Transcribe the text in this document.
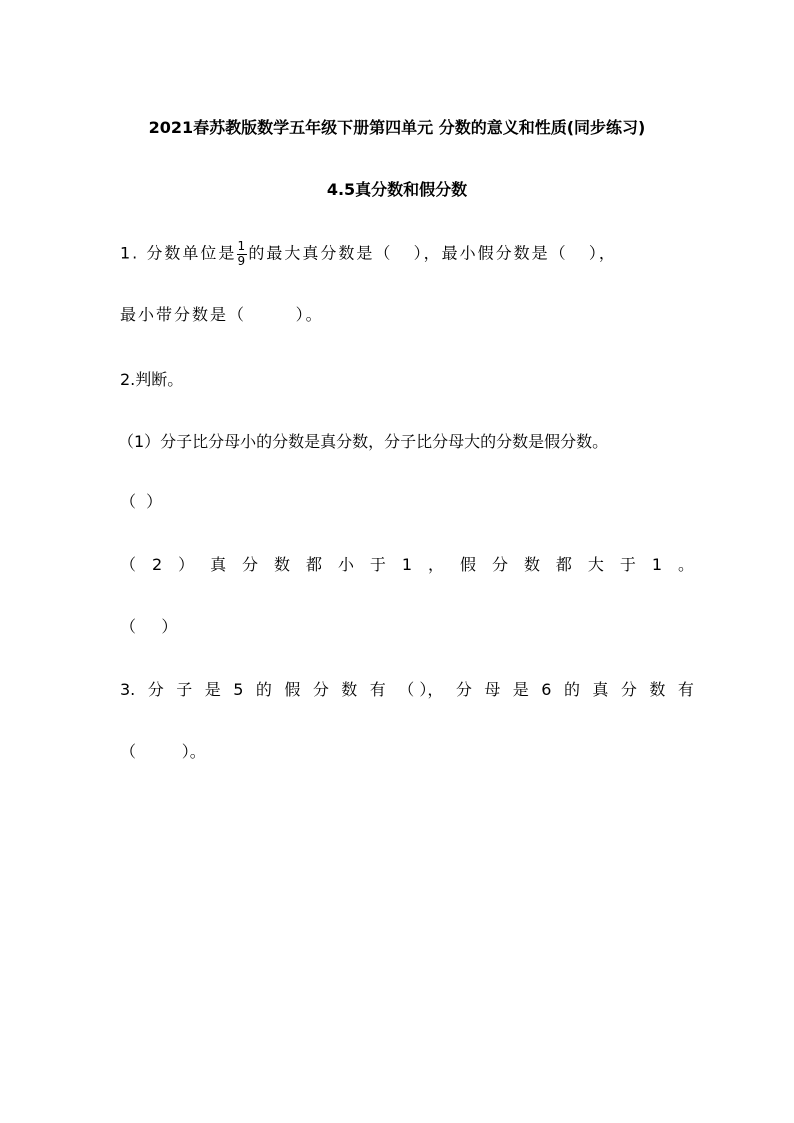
2021春苏教版数学五年级下册第四单元 分数的意义和性质(同步练习)
4.5真分数和假分数
1. 分数单位是 $\frac{1}{9}$ 的最大真分数是（   ），最小假分数是（   ），
最小带分数是（       ）。
2.判断。
（1）分子比分母小的分数是真分数，分子比分母大的分数是假分数。
（  ）
（ 2 ） 真 分 数 都 小 于 1 ， 假 分 数 都 大 于 1 。
（     ）
3. 分 子 是 5 的 假 分 数 有 （ ）， 分 母 是 6 的 真 分 数 有
（         ）。
